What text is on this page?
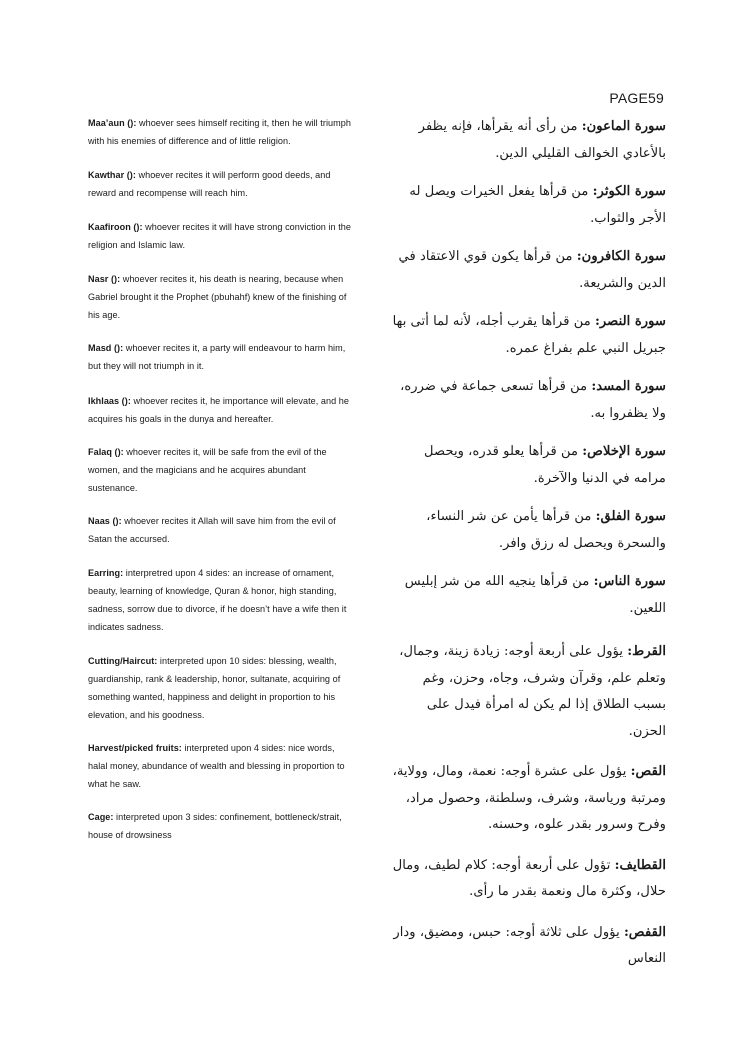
PAGE59

Maa’aun (): whoever sees himself reciting it, then he will triumph with his enemies of difference and of little religion.

Kawthar (): whoever recites it will perform good deeds, and reward and recompense will reach him.

Kaafiroon (): whoever recites it will have strong conviction in the religion and Islamic law.

Nasr (): whoever recites it, his death is nearing, because when Gabriel brought it the Prophet (pbuhahf) knew of the finishing of his age.

Masd (): whoever recites it, a party will endeavour to harm him, but they will not triumph in it.

Ikhlaas (): whoever recites it, he importance will elevate, and he acquires his goals in the dunya and hereafter.

Falaq (): whoever recites it, will be safe from the evil of the women, and the magicians and he acquires abundant sustenance.

Naas (): whoever recites it Allah will save him from the evil of Satan the accursed.

Earring: interpretred upon 4 sides: an increase of ornament, beauty, learning of knowledge, Quran & honor, high standing, sadness, sorrow due to divorce, if he doesn’t have a wife then it indicates sadness.

Cutting/Haircut: interpreted upon 10 sides: blessing, wealth, guardianship, rank & leadership, honor, sultanate, acquiring of something wanted, happiness and delight in proportion to his elevation, and his goodness.

Harvest/picked fruits: interpreted upon 4 sides: nice words, halal money, abundance of wealth and blessing in proportion to what he saw.

Cage: interpreted upon 3 sides: confinement, bottleneck/strait, house of drowsiness

سورة الماعون: من رأى أنه يقرأها، فإنه يظفر بالأعادي الخوالف القليلي الدين.

سورة الكوثر: من قرأها يفعل الخيرات ويصل له الأجر والثواب.

سورة الكافرون: من قرأها يكون قوي الاعتقاد في الدين والشريعة.

سورة النصر: من قرأها يقرب أجله، لأنه لما أتى بها جبريل النبي علم بفراغ عمره.

سورة المسد: من قرأها تسعى جماعة في ضرره، ولا يظفروا به.

سورة الإخلاص: من قرأها يعلو قدره، ويحصل مرامه في الدنيا والآخرة.

سورة الفلق: من قرأها يأمن عن شر النساء، والسحرة ويحصل له رزق وافر.

سورة الناس: من قرأها ينجيه الله من شر إبليس اللعين.

القرط: يؤول على أربعة أوجه: زيادة زينة، وجمال، وتعلم علم، وقرآن وشرف، وجاه، وحزن، وغم بسبب الطلاق إذا لم يكن له امرأة فيدل على الحزن.

القص: يؤول على عشرة أوجه: نعمة، ومال، وولاية، ومرتبة ورياسة، وشرف، وسلطنة، وحصول مراد، وفرح وسرور بقدر علوه، وحسنه.

القطايف: تؤول على أربعة أوجه: كلام لطيف، ومال حلال، وكثرة مال ونعمة بقدر ما رأى.

القفص: يؤول على ثلاثة أوجه: حبس، ومضيق، ودار النعاس
